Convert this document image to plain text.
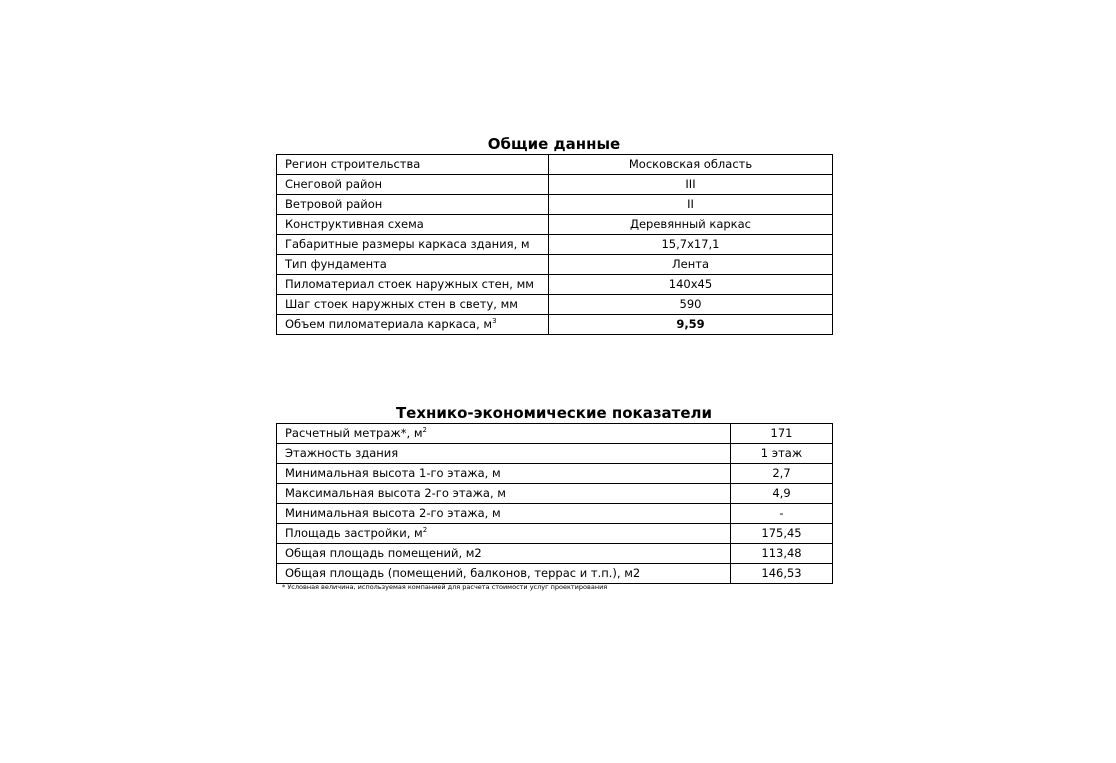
Общие данные
Регион строительства	Московская область
Снеговой район	III
Ветровой район	II
Конструктивная схема	Деревянный каркас
Габаритные размеры каркаса здания, м	15,7x17,1
Тип фундамента	Лента
Пиломатериал стоек наружных стен, мм	140x45
Шаг стоек наружных стен в свету, мм	590
Объем пиломатериала каркаса, $м^3$	9,59
Технико-экономические показатели
Расчетный метраж*, $м^2$	171
Этажность здания	1 этаж
Минимальная высота 1-го этажа, м	2,7
Максимальная высота 2-го этажа, м	4,9
Минимальная высота 2-го этажа, м	-
Площадь застройки, $м^2$	175,45
Общая площадь помещений, м2	113,48
Общая площадь (помещений, балконов, террас и т.п.), м2	146,53
* Условная величина, используемая компанией для расчета стоимости услуг проектирования
